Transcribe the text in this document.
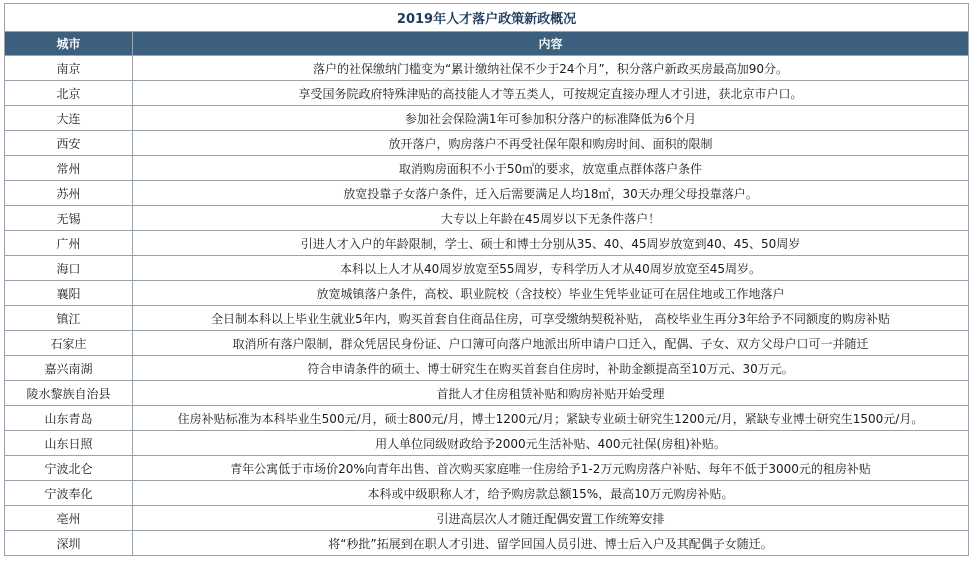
2019年人才落户政策新政概况	
城市	内容
南京	落户的社保缴纳门槛变为“累计缴纳社保不少于24个月”，积分落户新政买房最高加90分。
北京	享受国务院政府特殊津贴的高技能人才等五类人，可按规定直接办理人才引进，获北京市户口。
大连	参加社会保险满1年可参加积分落户的标准降低为6个月
西安	放开落户，购房落户不再受社保年限和购房时间、面积的限制
常州	取消购房面积不小于50㎡的要求，放宽重点群体落户条件
苏州	放宽投靠子女落户条件，迁入后需要满足人均18㎡，30天办理父母投靠落户。
无锡	大专以上年龄在45周岁以下无条件落户！
广州	引进人才入户的年龄限制，学士、硕士和博士分别从35、40、45周岁放宽到40、45、50周岁
海口	本科以上人才从40周岁放宽至55周岁，专科学历人才从40周岁放宽至45周岁。
襄阳	放宽城镇落户条件，高校、职业院校（含技校）毕业生凭毕业证可在居住地或工作地落户
镇江	全日制本科以上毕业生就业5年内，购买首套自住商品住房，可享受缴纳契税补贴， 高校毕业生再分3年给予不同额度的购房补贴
石家庄	取消所有落户限制，群众凭居民身份证、户口簿可向落户地派出所申请户口迁入，配偶、子女、双方父母户口可一并随迁
嘉兴南湖	符合申请条件的硕士、博士研究生在购买首套自住房时，补助金额提高至10万元、30万元。
陵水黎族自治县	首批人才住房租赁补贴和购房补贴开始受理
山东青岛	住房补贴标准为本科毕业生500元/月，硕士800元/月，博士1200元/月；紧缺专业硕士研究生1200元/月，紧缺专业博士研究生1500元/月。
山东日照	用人单位同级财政给予2000元生活补贴、400元社保(房租)补贴。
宁波北仑	青年公寓低于市场价20%向青年出售、首次购买家庭唯一住房给予1-2万元购房落户补贴、每年不低于3000元的租房补贴
宁波奉化	本科或中级职称人才，给予购房款总额15%，最高10万元购房补贴。
亳州	引进高层次人才随迁配偶安置工作统筹安排
深圳	将“秒批”拓展到在职人才引进、留学回国人员引进、博士后入户及其配偶子女随迁。
